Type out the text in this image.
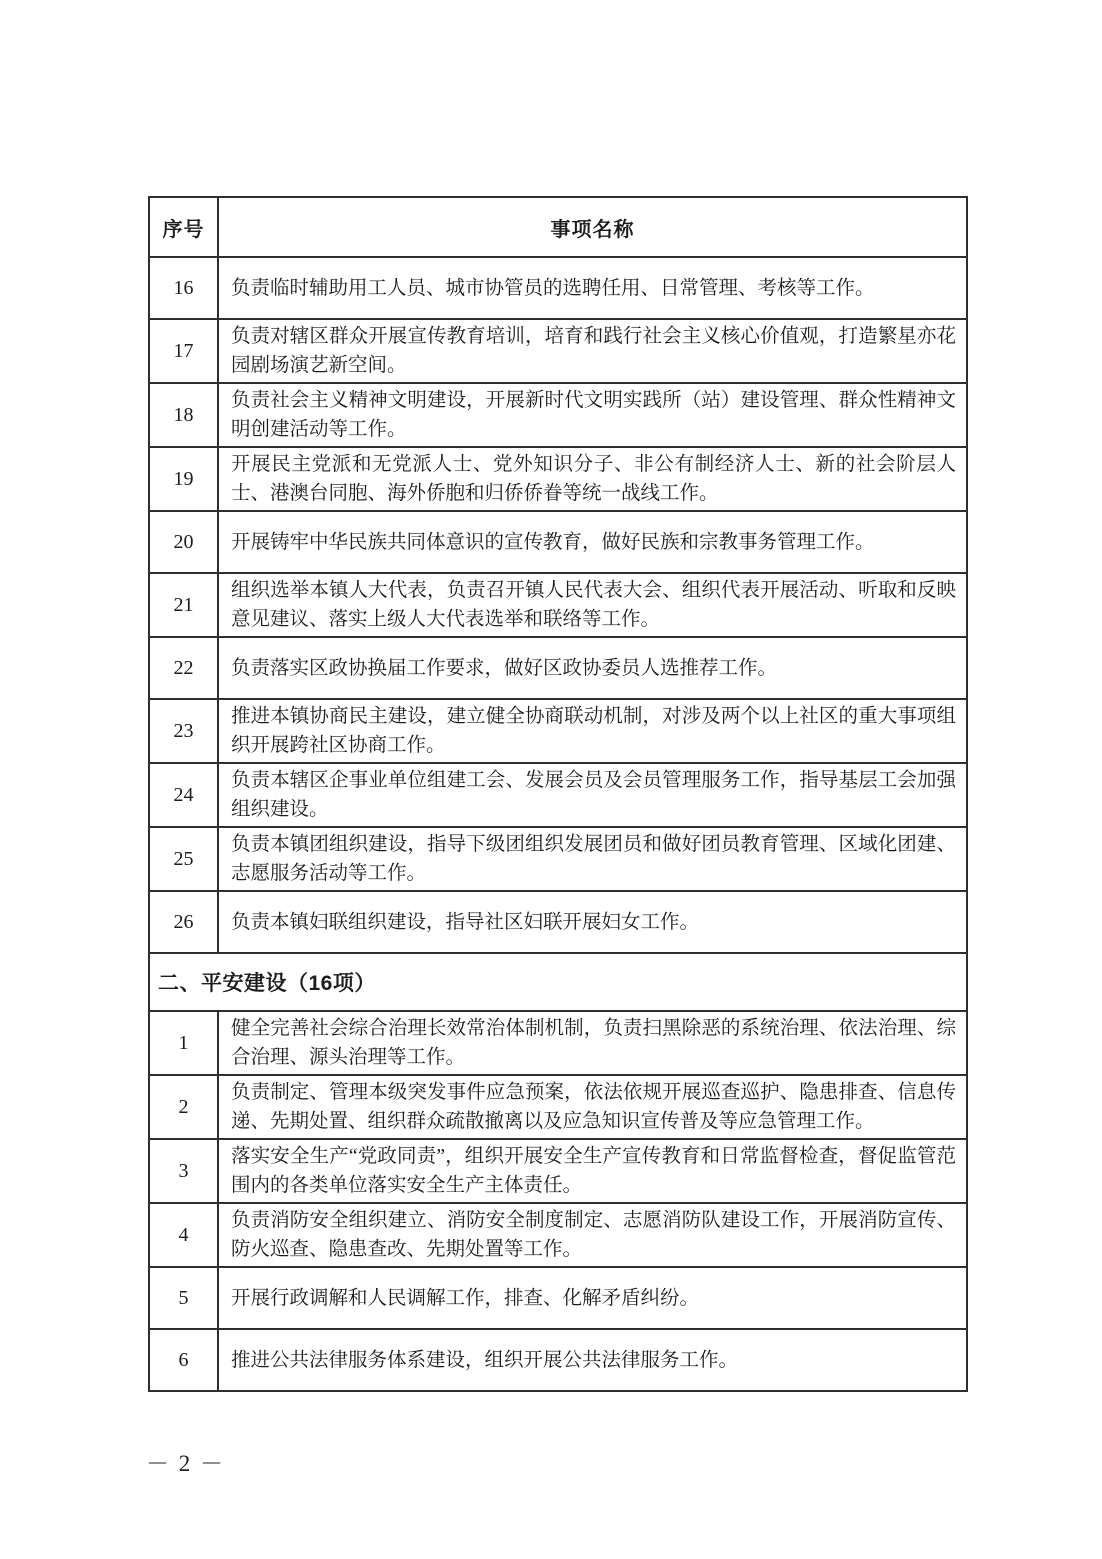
序号	事项名称
16	负责临时辅助用工人员、城市协管员的选聘任用、日常管理、考核等工作。
17	负责对辖区群众开展宣传教育培训，培育和践行社会主义核心价值观，打造繁星亦花园剧场演艺新空间。
18	负责社会主义精神文明建设，开展新时代文明实践所（站）建设管理、群众性精神文明创建活动等工作。
19	开展民主党派和无党派人士、党外知识分子、非公有制经济人士、新的社会阶层人士、港澳台同胞、海外侨胞和归侨侨眷等统一战线工作。
20	开展铸牢中华民族共同体意识的宣传教育，做好民族和宗教事务管理工作。
21	组织选举本镇人大代表，负责召开镇人民代表大会、组织代表开展活动、听取和反映意见建议、落实上级人大代表选举和联络等工作。
22	负责落实区政协换届工作要求，做好区政协委员人选推荐工作。
23	推进本镇协商民主建设，建立健全协商联动机制，对涉及两个以上社区的重大事项组织开展跨社区协商工作。
24	负责本辖区企事业单位组建工会、发展会员及会员管理服务工作，指导基层工会加强组织建设。
25	负责本镇团组织建设，指导下级团组织发展团员和做好团员教育管理、区域化团建、志愿服务活动等工作。
26	负责本镇妇联组织建设，指导社区妇联开展妇女工作。
二、平安建设（16项）	
1	健全完善社会综合治理长效常治体制机制，负责扫黑除恶的系统治理、依法治理、综合治理、源头治理等工作。
2	负责制定、管理本级突发事件应急预案，依法依规开展巡查巡护、隐患排查、信息传递、先期处置、组织群众疏散撤离以及应急知识宣传普及等应急管理工作。
3	落实安全生产“党政同责”，组织开展安全生产宣传教育和日常监督检查，督促监管范围内的各类单位落实安全生产主体责任。
4	负责消防安全组织建立、消防安全制度制定、志愿消防队建设工作，开展消防宣传、防火巡查、隐患查改、先期处置等工作。
5	开展行政调解和人民调解工作，排查、化解矛盾纠纷。
6	推进公共法律服务体系建设，组织开展公共法律服务工作。
－ 2 －
